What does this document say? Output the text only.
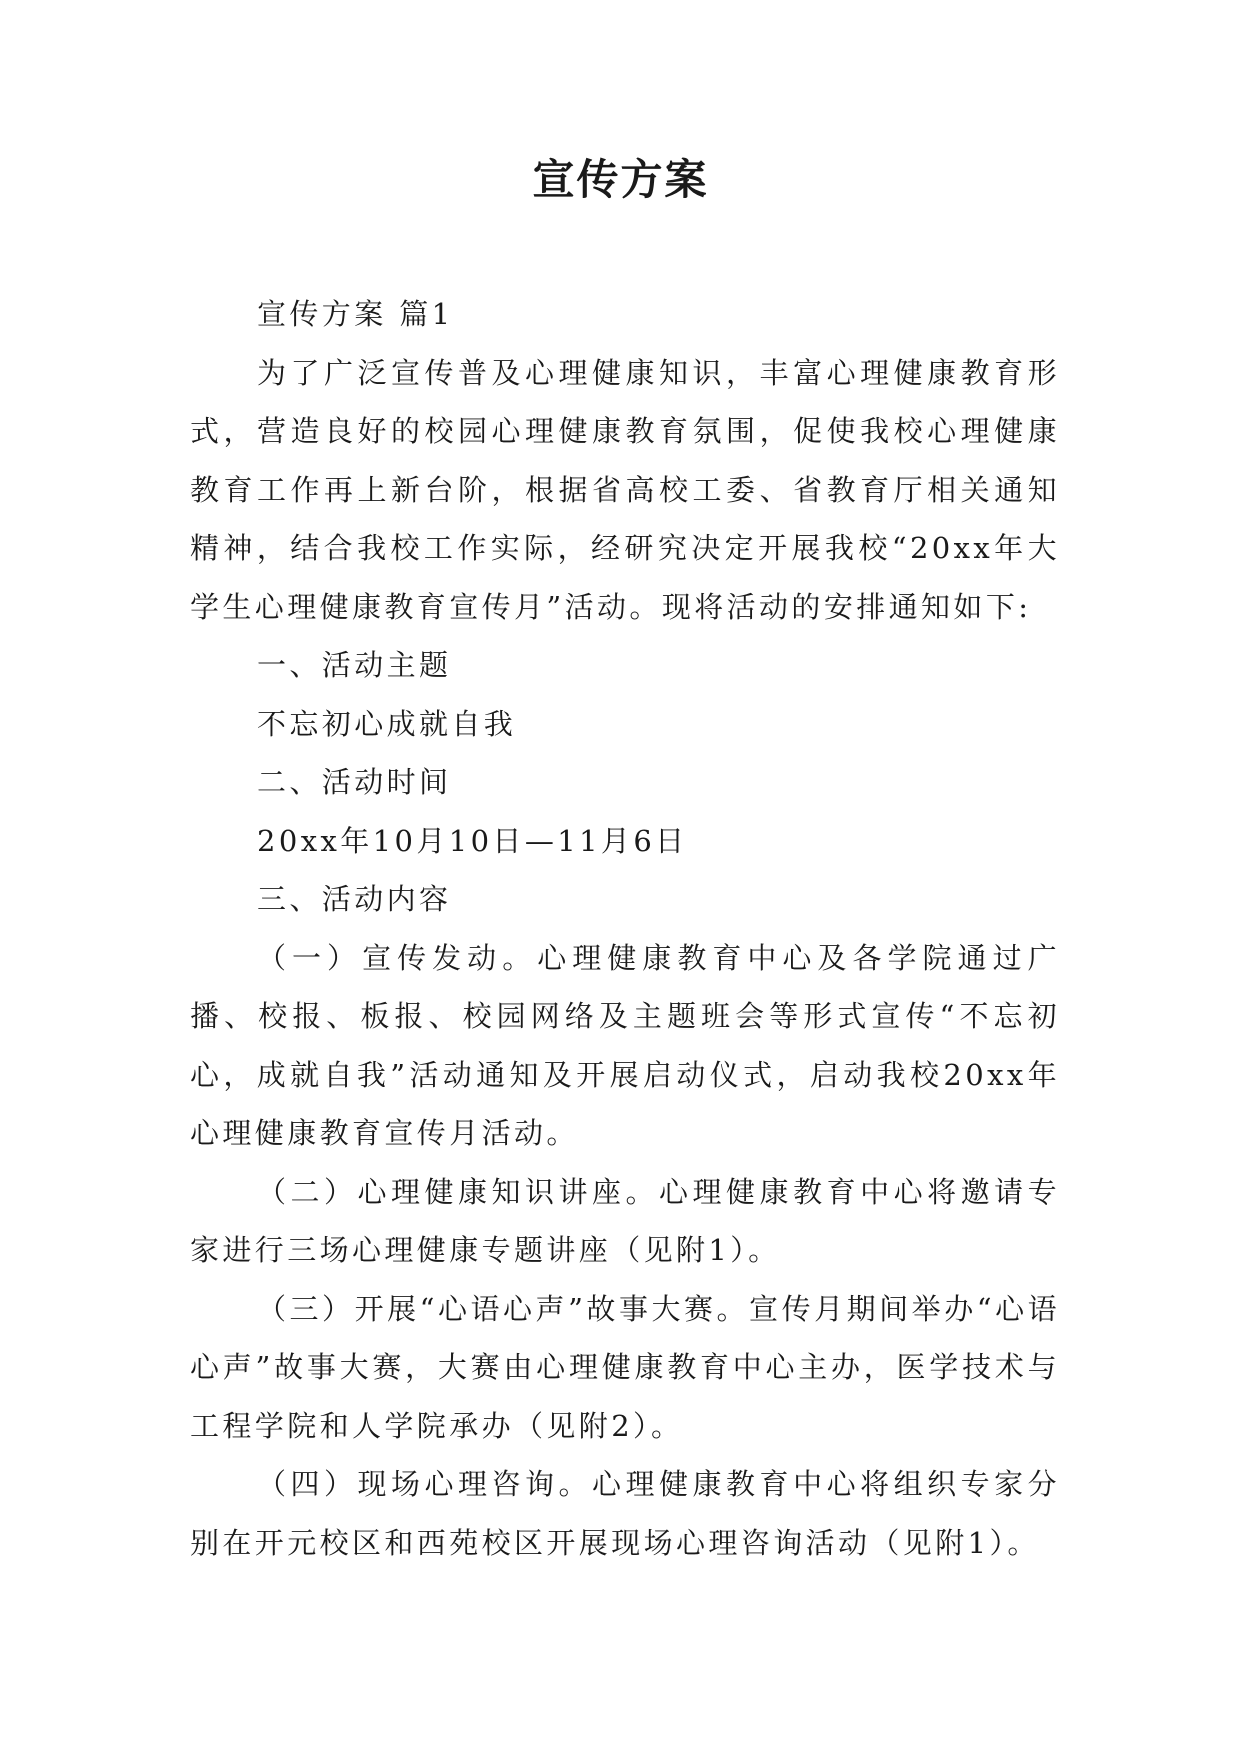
宣传方案

宣传方案 篇1

为了广泛宣传普及心理健康知识，丰富心理健康教育形式，营造良好的校园心理健康教育氛围，促使我校心理健康教育工作再上新台阶，根据省高校工委、省教育厅相关通知精神，结合我校工作实际，经研究决定开展我校“20xx年大学生心理健康教育宣传月”活动。现将活动的安排通知如下:

一、活动主题

不忘初心成就自我

二、活动时间

20xx年10月10日—11月6日

三、活动内容

（一）宣传发动。心理健康教育中心及各学院通过广播、校报、板报、校园网络及主题班会等形式宣传“不忘初心，成就自我”活动通知及开展启动仪式，启动我校20xx年心理健康教育宣传月活动。

（二）心理健康知识讲座。心理健康教育中心将邀请专家进行三场心理健康专题讲座（见附1）。

（三）开展“心语心声”故事大赛。宣传月期间举办“心语心声”故事大赛，大赛由心理健康教育中心主办，医学技术与工程学院和人学院承办（见附2）。

（四）现场心理咨询。心理健康教育中心将组织专家分别在开元校区和西苑校区开展现场心理咨询活动（见附1）。
